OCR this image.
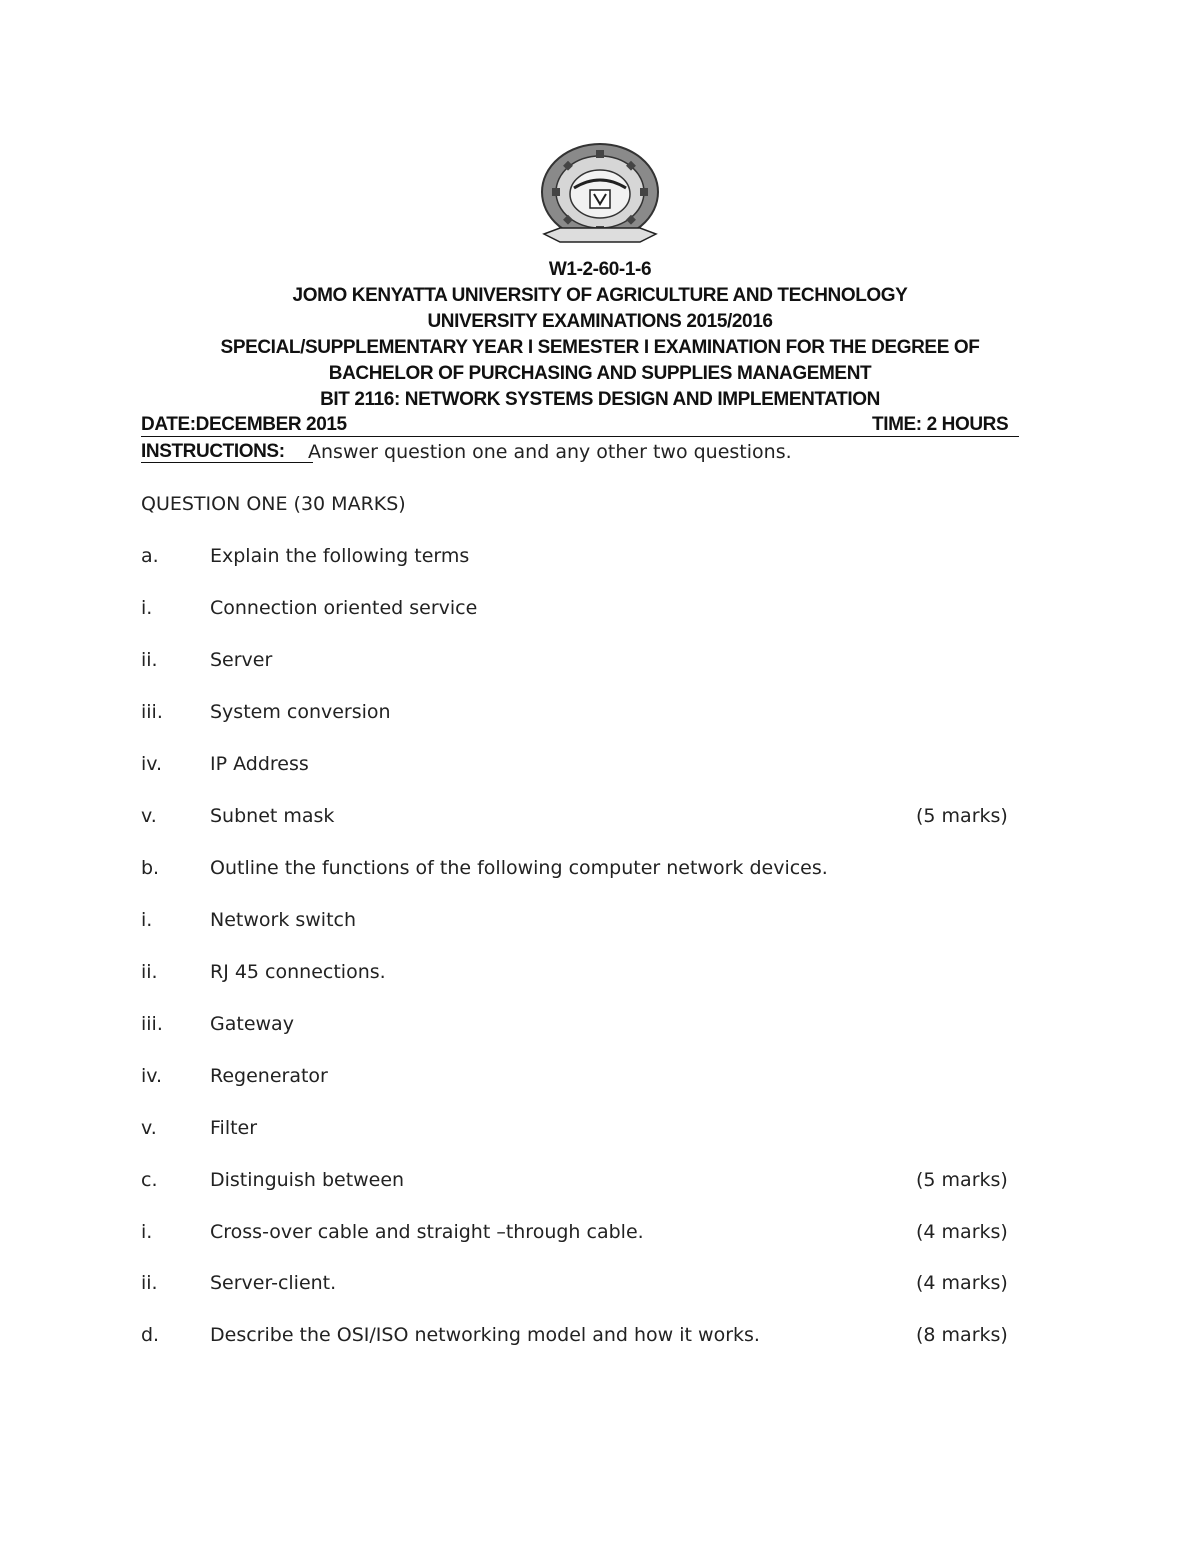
W1-2-60-1-6
JOMO KENYATTA UNIVERSITY OF AGRICULTURE AND TECHNOLOGY
UNIVERSITY EXAMINATIONS 2015/2016
SPECIAL/SUPPLEMENTARY YEAR I SEMESTER I EXAMINATION FOR THE DEGREE OF
BACHELOR OF PURCHASING AND SUPPLIES MANAGEMENT
BIT 2116: NETWORK SYSTEMS DESIGN AND IMPLEMENTATION
DATE:DECEMBER 2015	TIME: 2 HOURS
INSTRUCTIONS: Answer question one and any other two questions.
QUESTION ONE (30 MARKS)
a.	Explain the following terms
i.	Connection oriented service
ii.	Server
iii. System conversion
iv.	IP Address
v.	Subnet mask	(5 marks)
b.	Outline the functions of the following computer network devices.
i.	Network switch
ii.	RJ 45 connections.
iii. Gateway
iv.	Regenerator
v.	Filter
c.	Distinguish between	(5 marks)
i.	Cross-over cable and straight –through cable.	(4 marks)
ii.	Server-client.	(4 marks)
d.	Describe the OSI/ISO networking model and how it works.	(8 marks)
